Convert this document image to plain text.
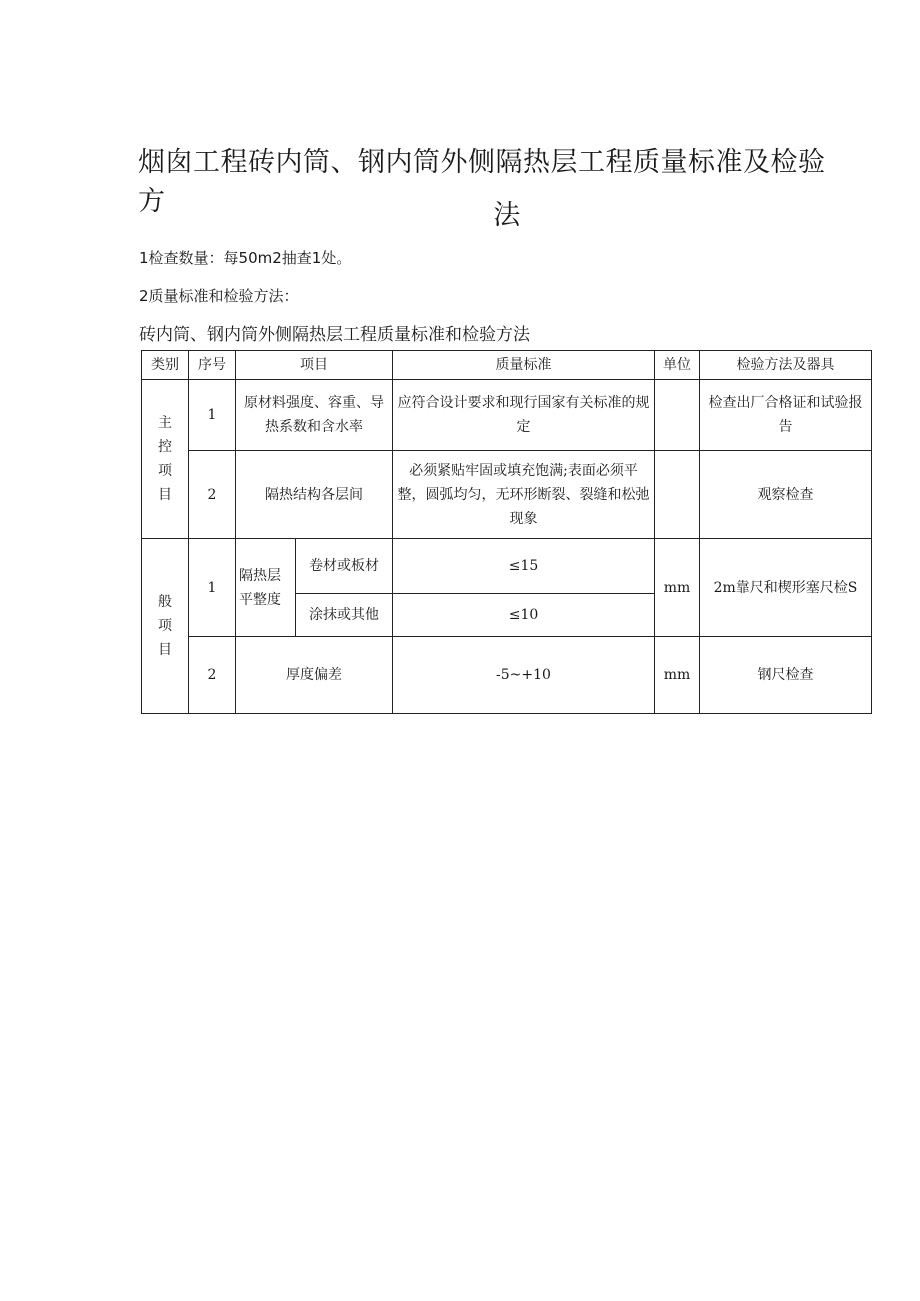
烟囱工程砖内筒、钢内筒外侧隔热层工程质量标准及检验方	法
1检查数量：每50m2抽查1处。
2质量标准和检验方法：
砖内筒、钢内筒外侧隔热层工程质量标准和检验方法
类别	序号	项目		质量标准	单位	检验方法及器具
主
控
项
目	1	原材料强度、容重、导热系数和含水率		应符合设计要求和现行国家有关标准的规定		检查出厂合格证和试验报告
	2	隔热结构各层间		必须紧贴牢固或填充饱满;表面必须平整，圆弧均匀，无环形断裂、裂缝和松弛现象		观察检查
般
项
目	1	隔热层平整度	卷材或板材	≤15	mm	2m靠尺和楔形塞尺检S
			涂抹或其他	≤10		
	2	厚度偏差		-5~+10	mm	钢尺检查
